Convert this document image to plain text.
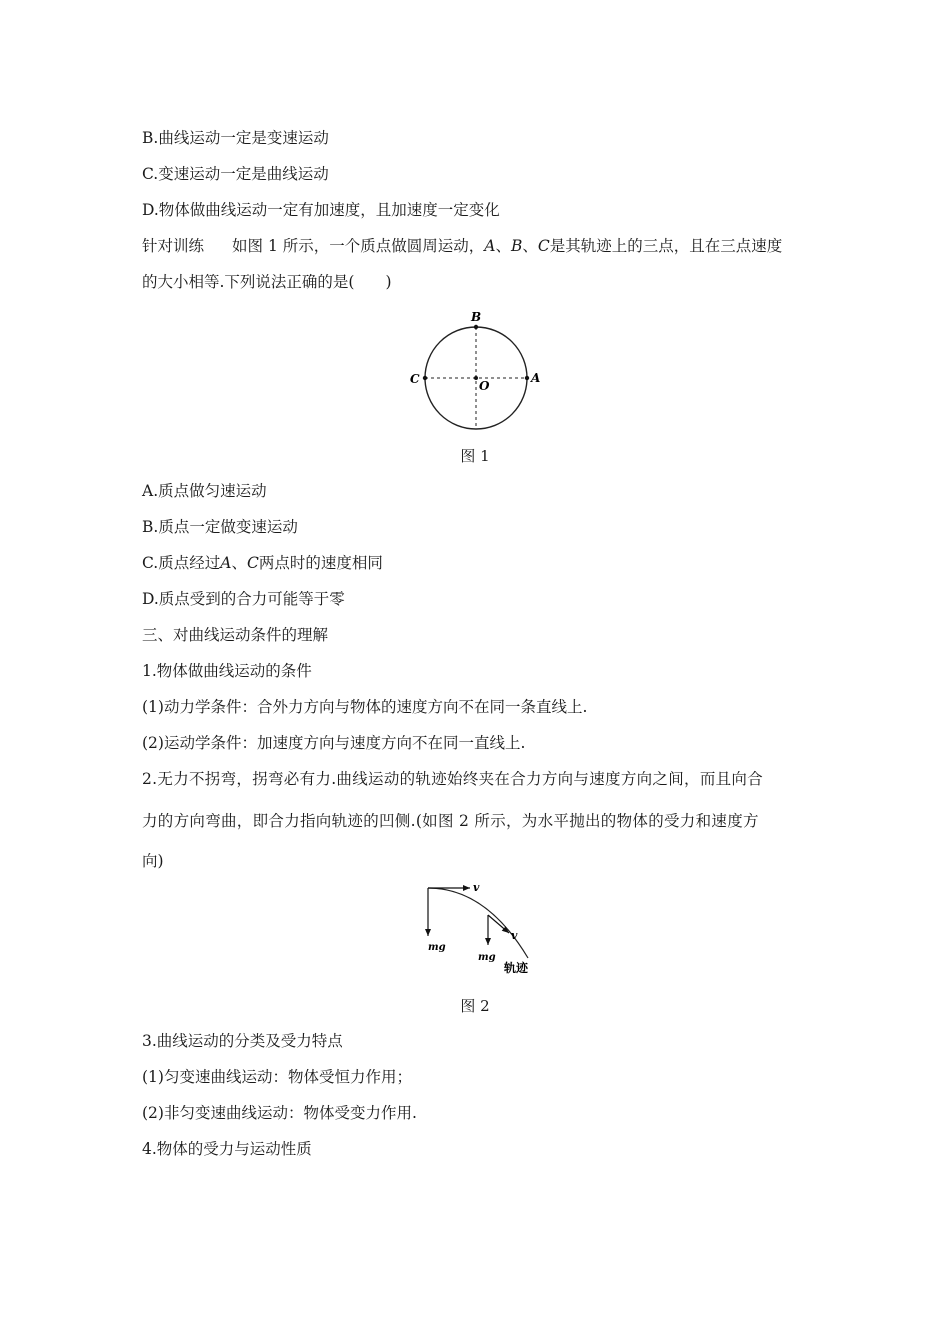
B.曲线运动一定是变速运动
C.变速运动一定是曲线运动
D.物体做曲线运动一定有加速度，且加速度一定变化
针对训练 如图 1 所示，一个质点做圆周运动，A、B、C是其轨迹上的三点，且在三点速度
的大小相等.下列说法正确的是(　　)
B
C	A
O
图 1
A.质点做匀速运动
B.质点一定做变速运动
C.质点经过A、C两点时的速度相同
D.质点受到的合力可能等于零
三、对曲线运动条件的理解
1.物体做曲线运动的条件
(1)动力学条件：合外力方向与物体的速度方向不在同一条直线上.
(2)运动学条件：加速度方向与速度方向不在同一直线上.
2.无力不拐弯，拐弯必有力.曲线运动的轨迹始终夹在合力方向与速度方向之间，而且向合
力的方向弯曲，即合力指向轨迹的凹侧.(如图 2 所示，为水平抛出的物体的受力和速度方
向)
v
mg
v
mg
轨迹
图 2
3.曲线运动的分类及受力特点
(1)匀变速曲线运动：物体受恒力作用；
(2)非匀变速曲线运动：物体受变力作用.
4.物体的受力与运动性质
